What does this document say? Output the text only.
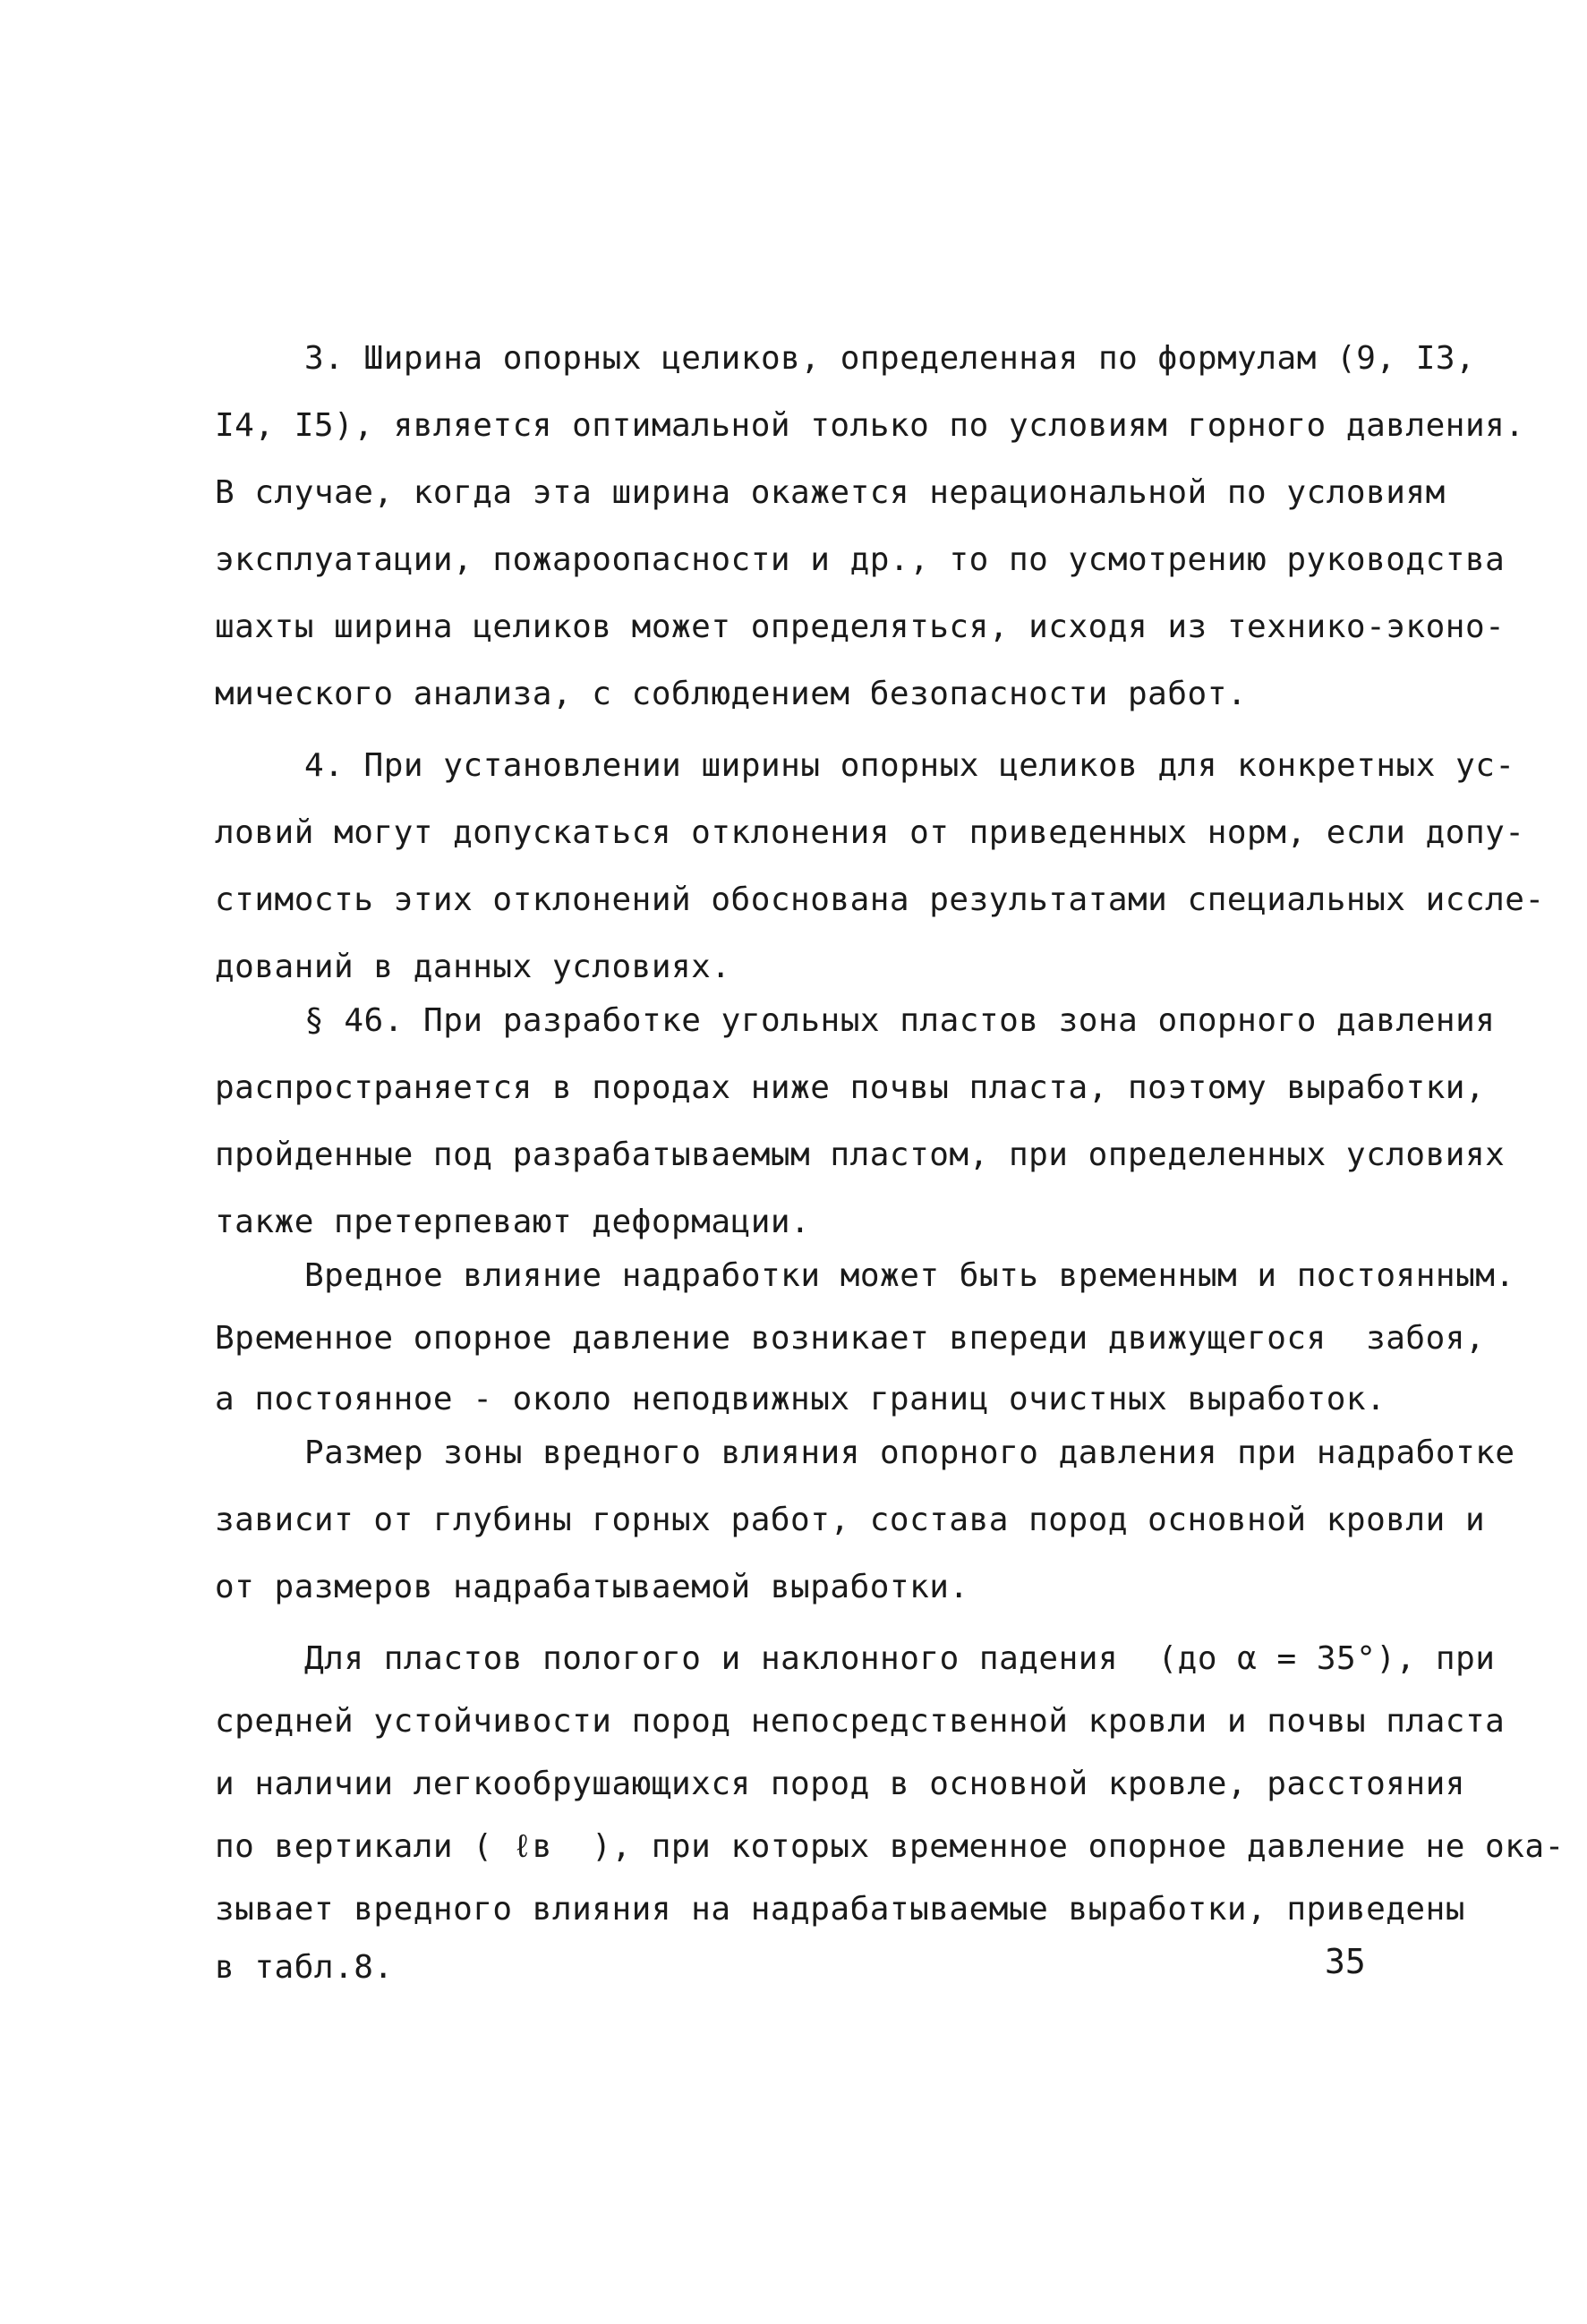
3. Ширина опорных целиков, определенная по формулам (9, I3,
I4, I5), является оптимальной только по условиям горного давления.
В случае, когда эта ширина окажется нерациональной по условиям
эксплуатации, пожароопасности и др., то по усмотрению руководства
шахты ширина целиков может определяться, исходя из технико-эконо-
мического анализа, с соблюдением безопасности работ.
4. При установлении ширины опорных целиков для конкретных ус-
ловий могут допускаться отклонения от приведенных норм, если допу-
стимость этих отклонений обоснована результатами специальных иссле-
дований в данных условиях.
§ 46. При разработке угольных пластов зона опорного давления
распространяется в породах ниже почвы пласта, поэтому выработки,
пройденные под разрабатываемым пластом, при определенных условиях
также претерпевают деформации.
Вредное влияние надработки может быть временным и постоянным.
Временное опорное давление возникает впереди движущегося  забоя,
а постоянное - около неподвижных границ очистных выработок.
Размер зоны вредного влияния опорного давления при надработке
зависит от глубины горных работ, состава пород основной кровли и
от размеров надрабатываемой выработки.
Для пластов пологого и наклонного падения  (до α = 35°), при
средней устойчивости пород непосредственной кровли и почвы пласта
и наличии легкообрушающихся пород в основной кровле, расстояния
по вертикали ( ℓв  ), при которых временное опорное давление не ока-
зывает вредного влияния на надрабатываемые выработки, приведены
в табл.8.	35
